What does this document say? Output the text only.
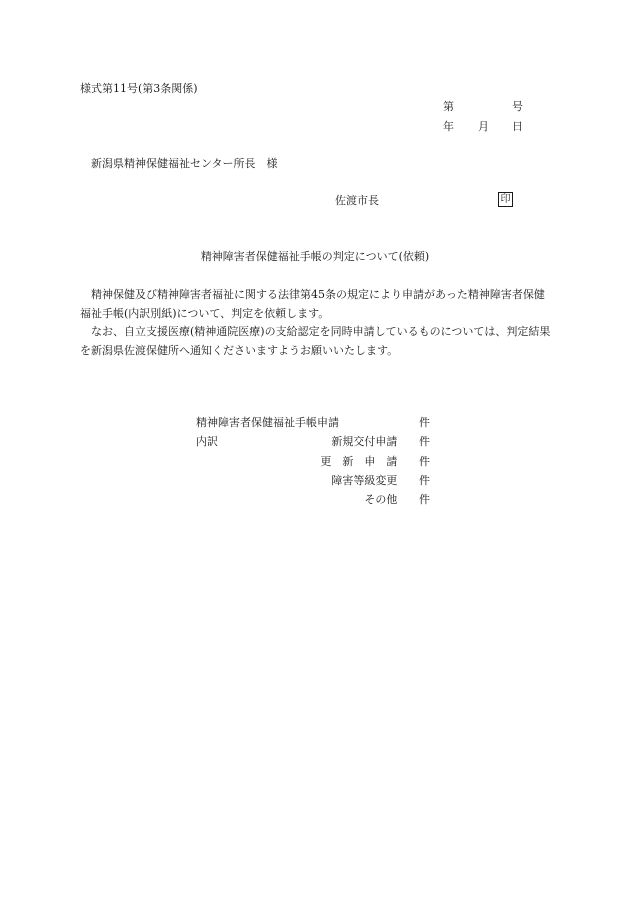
様式第11号(第3条関係)
第	号
年 月 日
新潟県精神保健福祉センター所長　様
佐渡市長	印
精神障害者保健福祉手帳の判定について(依頼)

精神保健及び精神障害者福祉に関する法律第45条の規定により申請があった精神障害者保健福祉手帳(内訳別紙)について、判定を依頼します。

なお、自立支援医療(精神通院医療)の支給認定を同時申請しているものについては、判定結果を新潟県佐渡保健所へ通知くださいますようお願いいたします。

精神障害者保健福祉手帳申請		件
内訳	新規交付申請	件
	更　新　申　請	件
	障害等級変更	件
	その他	件
